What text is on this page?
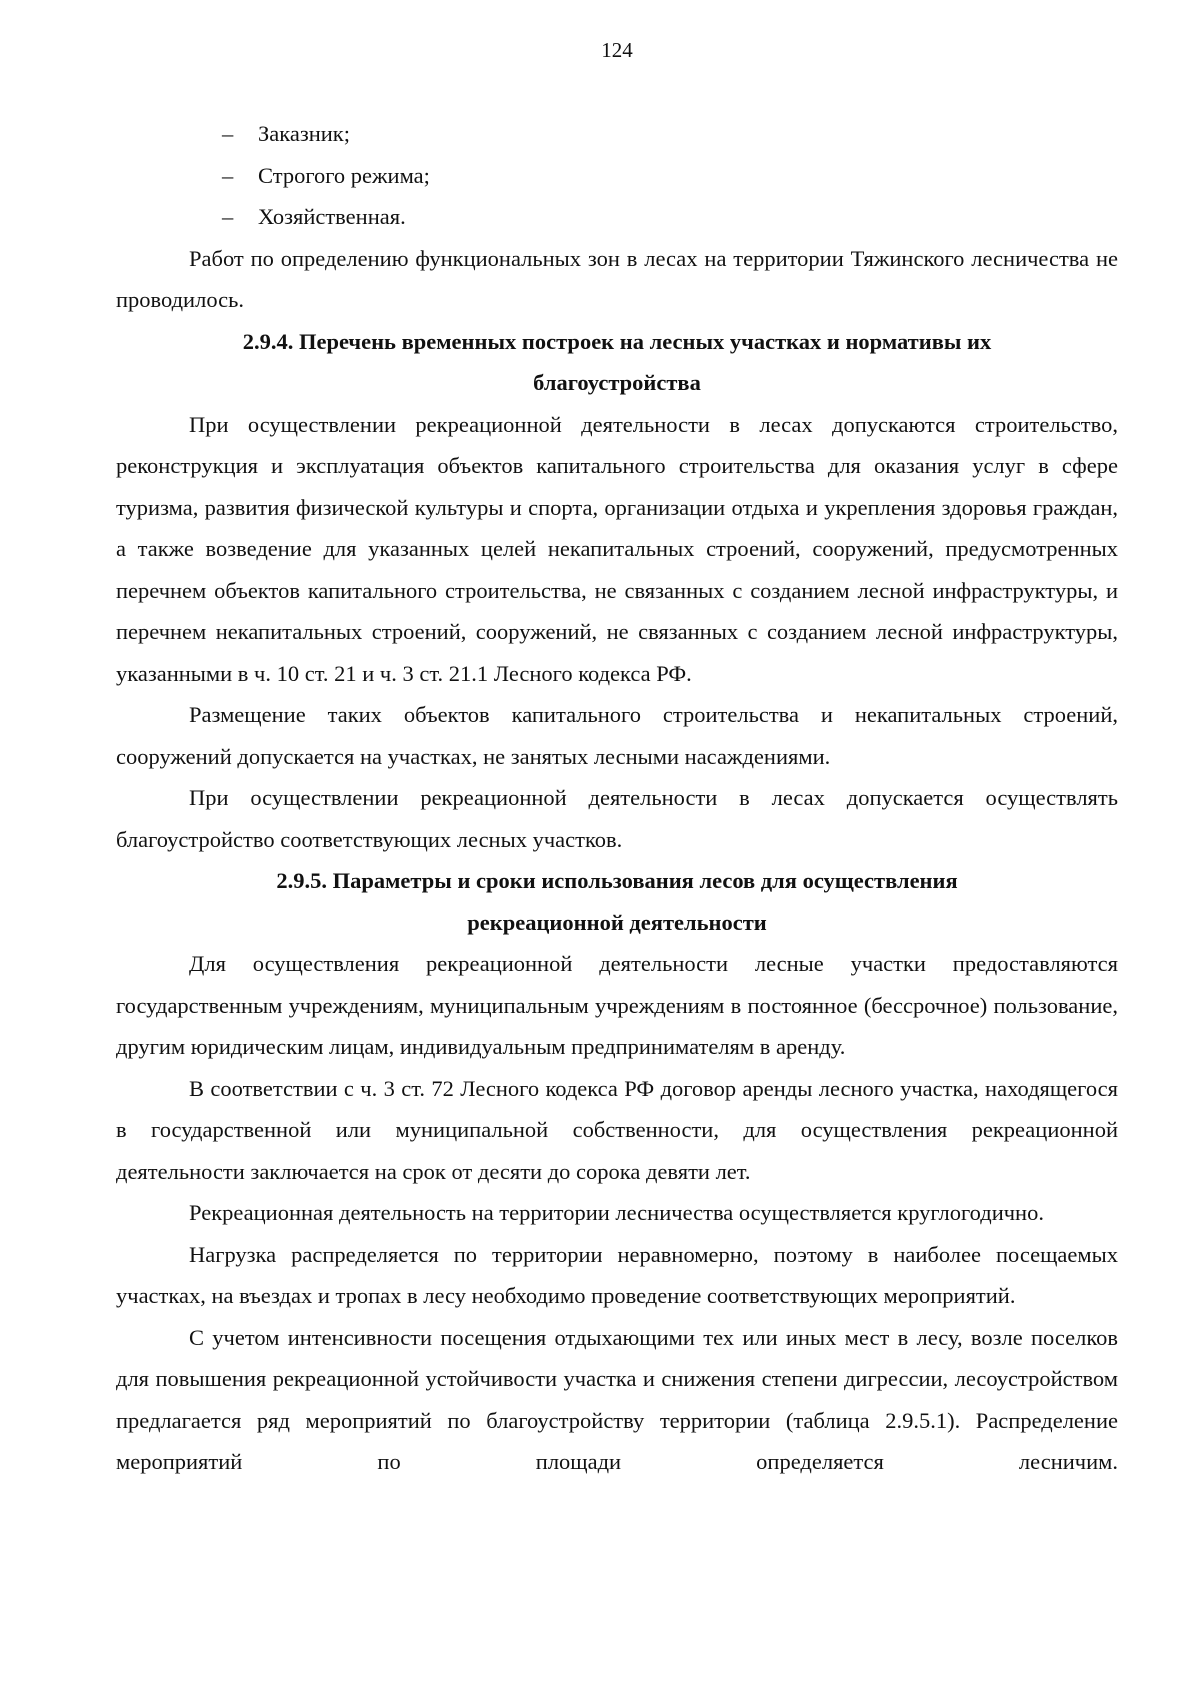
124
– Заказник;
– Строгого режима;
– Хозяйственная.

Работ по определению функциональных зон в лесах на территории Тяжинского лесничества не проводилось.

2.9.4. Перечень временных построек на лесных участках и нормативы их
благоустройства

При осуществлении рекреационной деятельности в лесах допускаются строительство, реконструкция и эксплуатация объектов капитального строительства для оказания услуг в сфере туризма, развития физической культуры и спорта, организации отдыха и укрепления здоровья граждан, а также возведение для указанных целей некапитальных строений, сооружений, предусмотренных перечнем объектов капитального строительства, не связанных с созданием лесной инфраструктуры, и перечнем некапитальных строений, сооружений, не связанных с созданием лесной инфраструктуры, указанными в ч. 10 ст. 21 и ч. 3 ст. 21.1 Лесного кодекса РФ.

Размещение таких объектов капитального строительства и некапитальных строений, сооружений допускается на участках, не занятых лесными насаждениями.

При осуществлении рекреационной деятельности в лесах допускается осуществлять благоустройство соответствующих лесных участков.

2.9.5. Параметры и сроки использования лесов для осуществления
рекреационной деятельности

Для осуществления рекреационной деятельности лесные участки предоставляются государственным учреждениям, муниципальным учреждениям в постоянное (бессрочное) пользование, другим юридическим лицам, индивидуальным предпринимателям в аренду.

В соответствии с ч. 3 ст. 72 Лесного кодекса РФ договор аренды лесного участка, находящегося в государственной или муниципальной собственности, для осуществления рекреационной деятельности заключается на срок от десяти до сорока девяти лет.

Рекреационная деятельность на территории лесничества осуществляется круглогодично.

Нагрузка распределяется по территории неравномерно, поэтому в наиболее посещаемых участках, на въездах и тропах в лесу необходимо проведение соответствующих мероприятий.

С учетом интенсивности посещения отдыхающими тех или иных мест в лесу, возле поселков для повышения рекреационной устойчивости участка и снижения степени дигрессии, лесоустройством предлагается ряд мероприятий по благоустройству территории (таблица 2.9.5.1). Распределение мероприятий по площади определяется лесничим.
